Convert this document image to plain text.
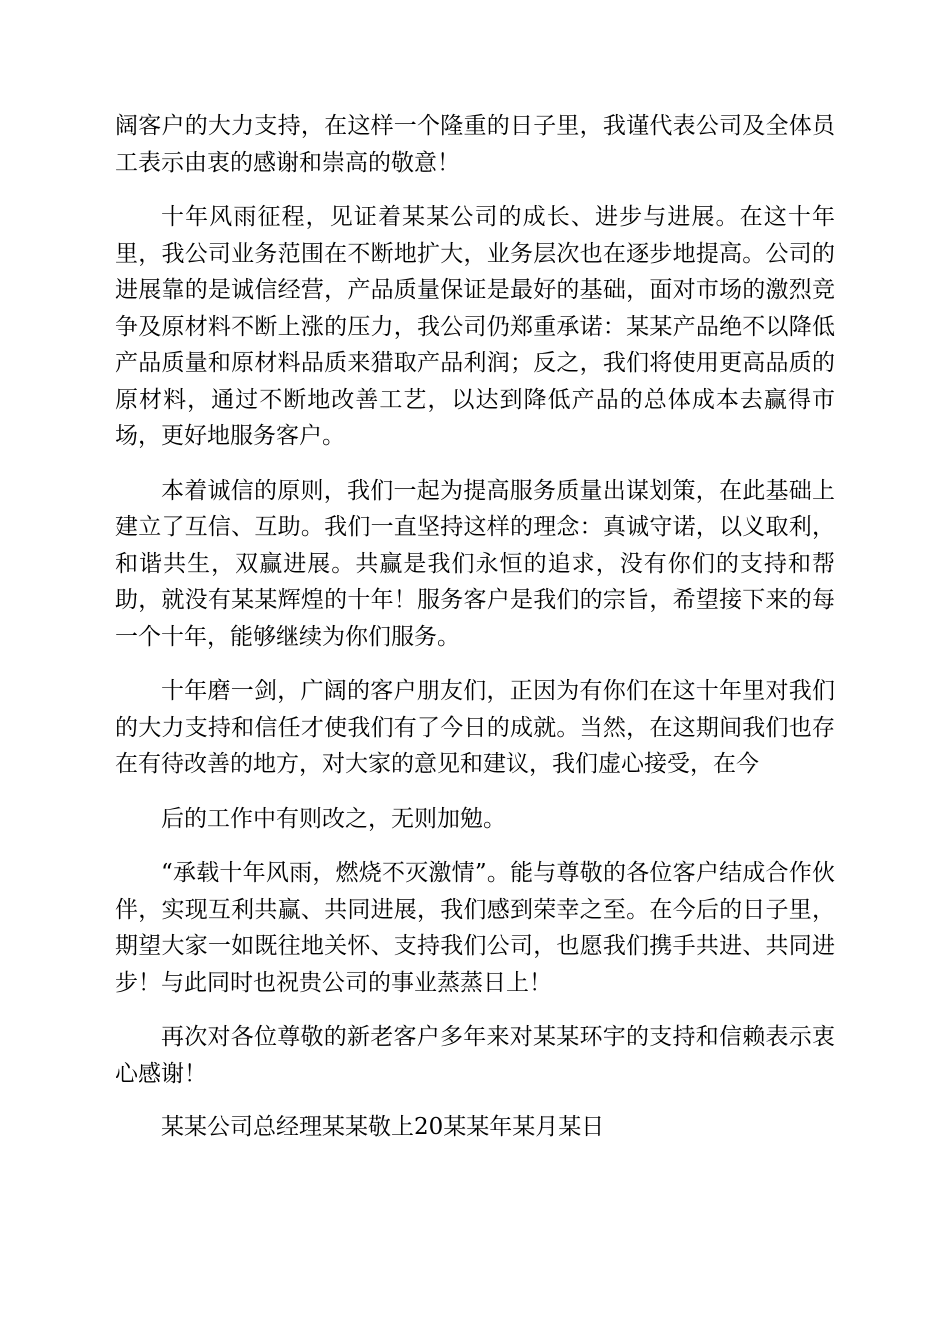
阔客户的大力支持，在这样一个隆重的日子里，我谨代表公司及全体员工表示由衷的感谢和崇高的敬意！

十年风雨征程，见证着某某公司的成长、进步与进展。在这十年里，我公司业务范围在不断地扩大，业务层次也在逐步地提高。公司的进展靠的是诚信经营，产品质量保证是最好的基础，面对市场的激烈竞争及原材料不断上涨的压力，我公司仍郑重承诺：某某产品绝不以降低产品质量和原材料品质来猎取产品利润；反之，我们将使用更高品质的原材料，通过不断地改善工艺，以达到降低产品的总体成本去赢得市场，更好地服务客户。

本着诚信的原则，我们一起为提高服务质量出谋划策，在此基础上建立了互信、互助。我们一直坚持这样的理念：真诚守诺，以义取利，和谐共生，双赢进展。共赢是我们永恒的追求，没有你们的支持和帮助，就没有某某辉煌的十年！服务客户是我们的宗旨，希望接下来的每一个十年，能够继续为你们服务。

十年磨一剑，广阔的客户朋友们，正因为有你们在这十年里对我们的大力支持和信任才使我们有了今日的成就。当然，在这期间我们也存在有待改善的地方，对大家的意见和建议，我们虚心接受，在今

后的工作中有则改之，无则加勉。

“承载十年风雨，燃烧不灭激情”。能与尊敬的各位客户结成合作伙伴，实现互利共赢、共同进展，我们感到荣幸之至。在今后的日子里，期望大家一如既往地关怀、支持我们公司，也愿我们携手共进、共同进步！与此同时也祝贵公司的事业蒸蒸日上！

再次对各位尊敬的新老客户多年来对某某环宇的支持和信赖表示衷心感谢！

某某公司总经理某某敬上20某某年某月某日
